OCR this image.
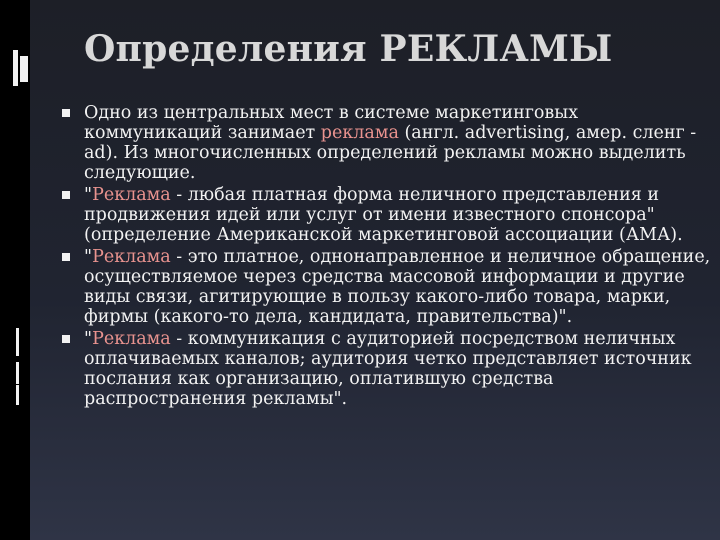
Определения РЕКЛАМЫ
Одно из центральных мест в системе маркетинговых коммуникаций занимает реклама (англ. advertising, амер. сленг - ad). Из многочисленных определений рекламы можно выделить следующие.
"Реклама - любая платная форма неличного представления и продвижения идей или услуг от имени известного спонсора" (определение Американской маркетинговой ассоциации (АМА).
"Реклама - это платное, однонаправленное и неличное обращение, осуществляемое через средства массовой информации и другие виды связи, агитирующие в пользу какого-либо товара, марки, фирмы (какого-то дела, кандидата, правительства)".
"Реклама - коммуникация с аудиторией посредством неличных оплачиваемых каналов; аудитория четко представляет источник послания как организацию, оплатившую средства распространения рекламы".
